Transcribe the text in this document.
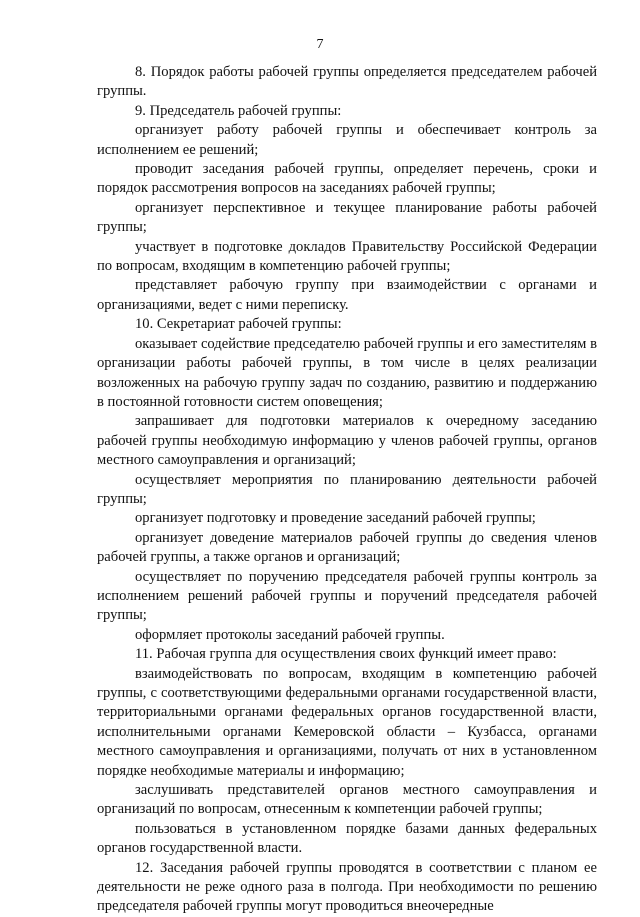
7

8. Порядок работы рабочей группы определяется председателем рабочей группы.

9. Председатель рабочей группы:

организует работу рабочей группы и обеспечивает контроль за исполнением ее решений;

проводит заседания рабочей группы, определяет перечень, сроки и порядок рассмотрения вопросов на заседаниях рабочей группы;

организует перспективное и текущее планирование работы рабочей группы;

участвует в подготовке докладов Правительству Российской Федерации по вопросам, входящим в компетенцию рабочей группы;

представляет рабочую группу при взаимодействии с органами и организациями, ведет с ними переписку.

10. Секретариат рабочей группы:

оказывает содействие председателю рабочей группы и его заместителям в организации работы рабочей группы, в том числе в целях реализации возложенных на рабочую группу задач по созданию, развитию и поддержанию в постоянной готовности систем оповещения;

запрашивает для подготовки материалов к очередному заседанию рабочей группы необходимую информацию у членов рабочей группы, органов местного самоуправления и организаций;

осуществляет мероприятия по планированию деятельности рабочей группы;

организует подготовку и проведение заседаний рабочей группы;

организует доведение материалов рабочей группы до сведения членов рабочей группы, а также органов и организаций;

осуществляет по поручению председателя рабочей группы контроль за исполнением решений рабочей группы и поручений председателя рабочей группы;

оформляет протоколы заседаний рабочей группы.

11. Рабочая группа для осуществления своих функций имеет право:

взаимодействовать по вопросам, входящим в компетенцию рабочей группы, с соответствующими федеральными органами государственной власти, территориальными органами федеральных органов государственной власти, исполнительными органами Кемеровской области – Кузбасса, органами местного самоуправления и организациями, получать от них в установленном порядке необходимые материалы и информацию;

заслушивать представителей органов местного самоуправления и организаций по вопросам, отнесенным к компетенции рабочей группы;

пользоваться в установленном порядке базами данных федеральных органов государственной власти.

12. Заседания рабочей группы проводятся в соответствии с планом ее деятельности не реже одного раза в полгода. При необходимости по решению председателя рабочей группы могут проводиться внеочередные
